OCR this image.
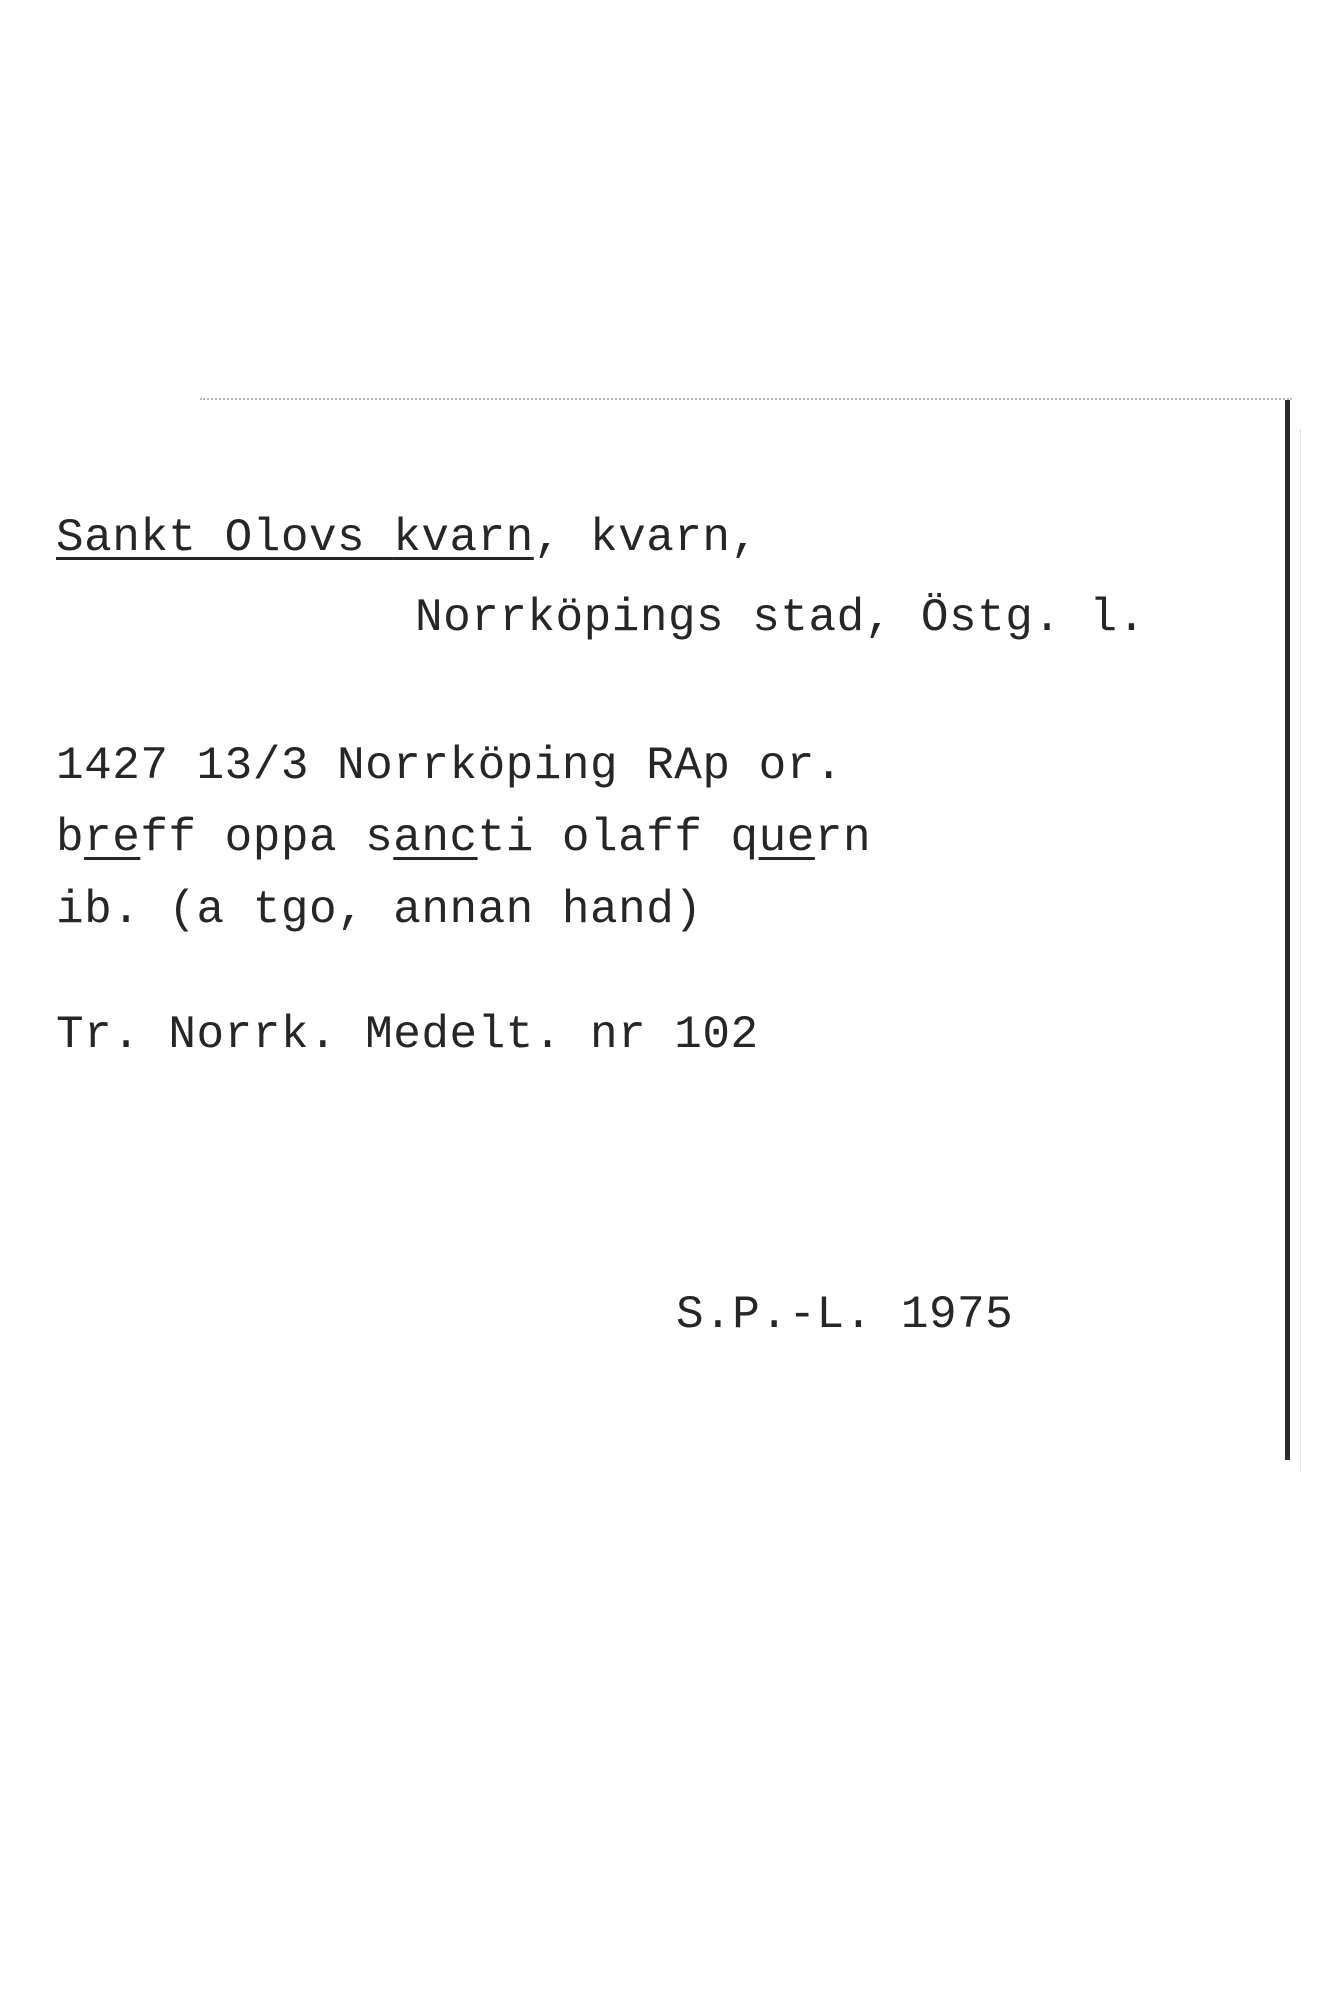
Sankt Olovs kvarn, kvarn,
Norrköpings stad, Östg. l.
1427 13/3 Norrköping RAp or.
breff oppa sancti olaff quern
ib. (a tgo, annan hand)
Tr. Norrk. Medelt. nr 102
S.P.-L. 1975
